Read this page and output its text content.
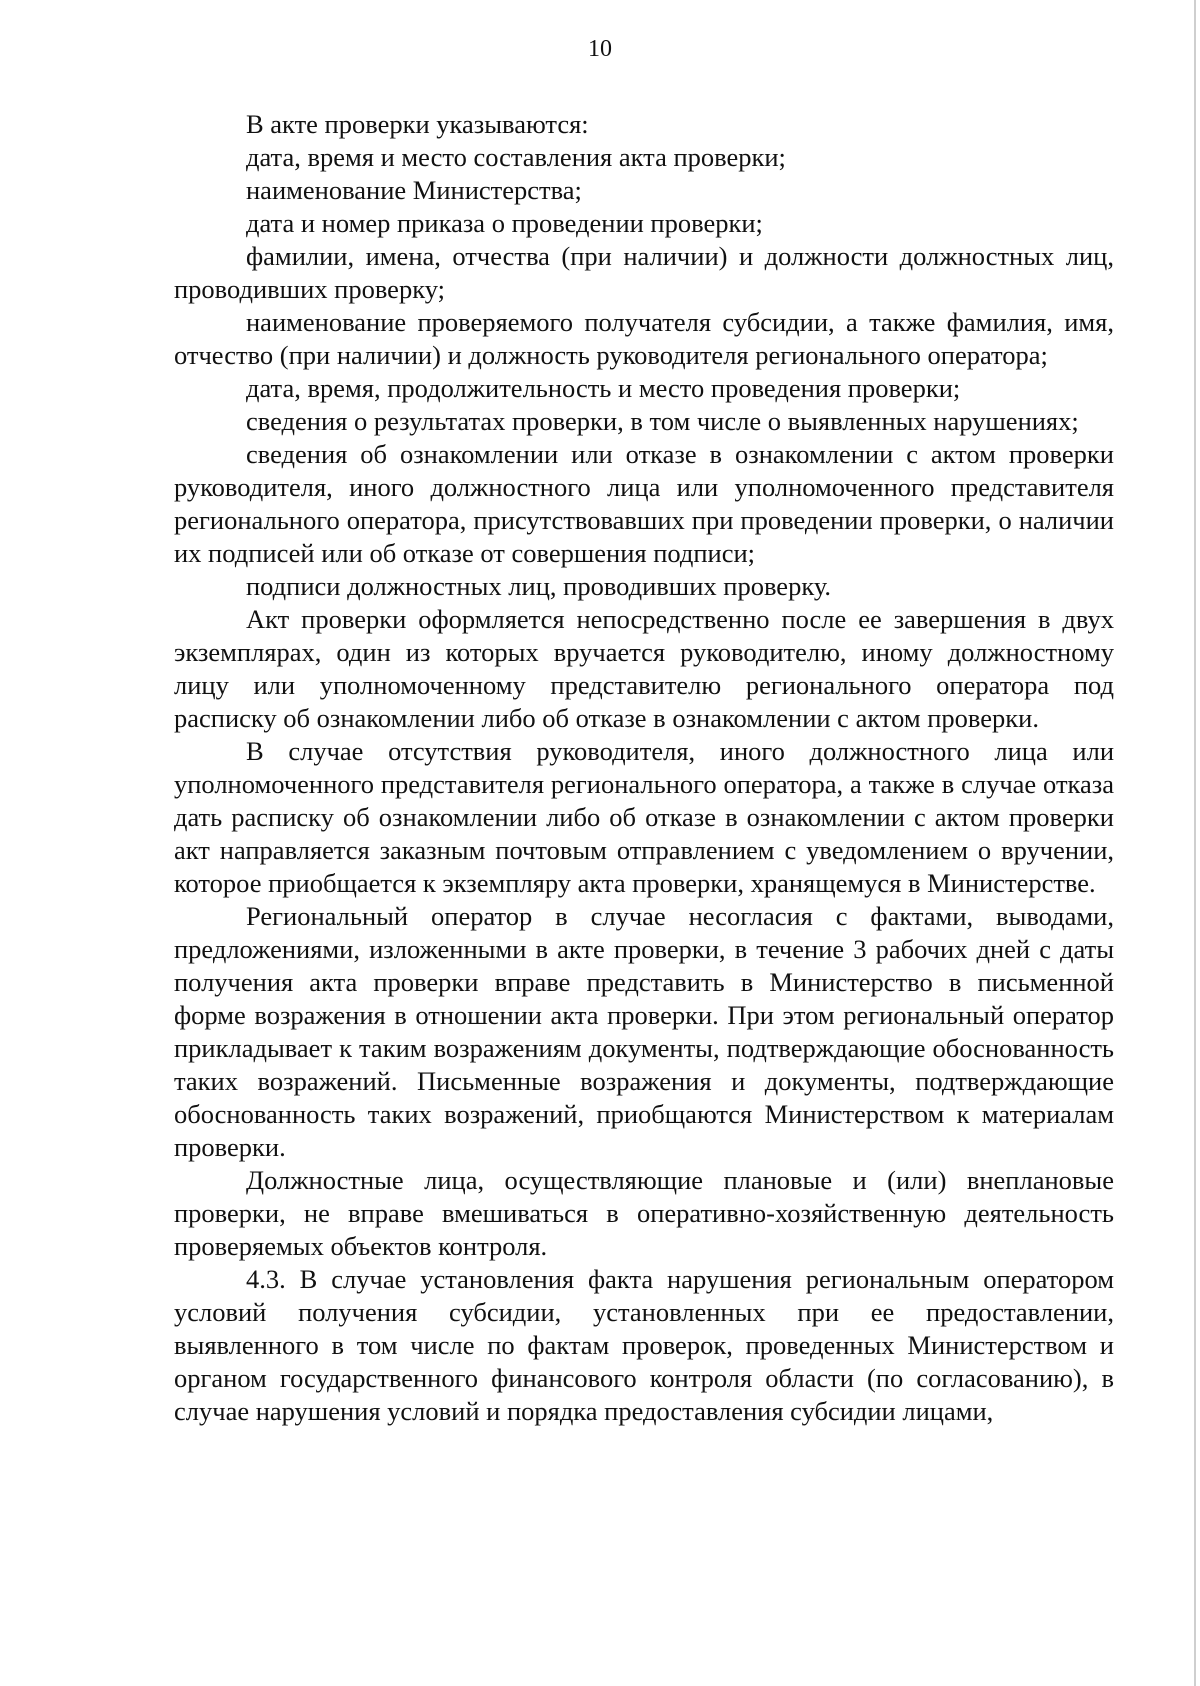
10

В акте проверки указываются:

дата, время и место составления акта проверки;

наименование Министерства;

дата и номер приказа о проведении проверки;

фамилии, имена, отчества (при наличии) и должности должностных лиц, проводивших проверку;

наименование проверяемого получателя субсидии, а также фамилия, имя, отчество (при наличии) и должность руководителя регионального оператора;

дата, время, продолжительность и место проведения проверки;

сведения о результатах проверки, в том числе о выявленных нарушениях;

сведения об ознакомлении или отказе в ознакомлении с актом проверки руководителя, иного должностного лица или уполномоченного представителя регионального оператора, присутствовавших при проведении проверки, о наличии их подписей или об отказе от совершения подписи;

подписи должностных лиц, проводивших проверку.

Акт проверки оформляется непосредственно после ее завершения в двух экземплярах, один из которых вручается руководителю, иному должностному лицу или уполномоченному представителю регионального оператора под расписку об ознакомлении либо об отказе в ознакомлении с актом проверки.

В случае отсутствия руководителя, иного должностного лица или уполномоченного представителя регионального оператора, а также в случае отказа дать расписку об ознакомлении либо об отказе в ознакомлении с актом проверки акт направляется заказным почтовым отправлением с уведомлением о вручении, которое приобщается к экземпляру акта проверки, хранящемуся в Министерстве.

Региональный оператор в случае несогласия с фактами, выводами, предложениями, изложенными в акте проверки, в течение 3 рабочих дней с даты получения акта проверки вправе представить в Министерство в письменной форме возражения в отношении акта проверки. При этом региональный оператор прикладывает к таким возражениям документы, подтверждающие обоснованность таких возражений. Письменные возражения и документы, подтверждающие обоснованность таких возражений, приобщаются Министерством к материалам проверки.

Должностные лица, осуществляющие плановые и (или) внеплановые проверки, не вправе вмешиваться в оперативно-хозяйственную деятельность проверяемых объектов контроля.

4.3. В случае установления факта нарушения региональным оператором условий получения субсидии, установленных при ее предоставлении, выявленного в том числе по фактам проверок, проведенных Министерством и органом государственного финансового контроля области (по согласованию), в случае нарушения условий и порядка предоставления субсидии лицами,
